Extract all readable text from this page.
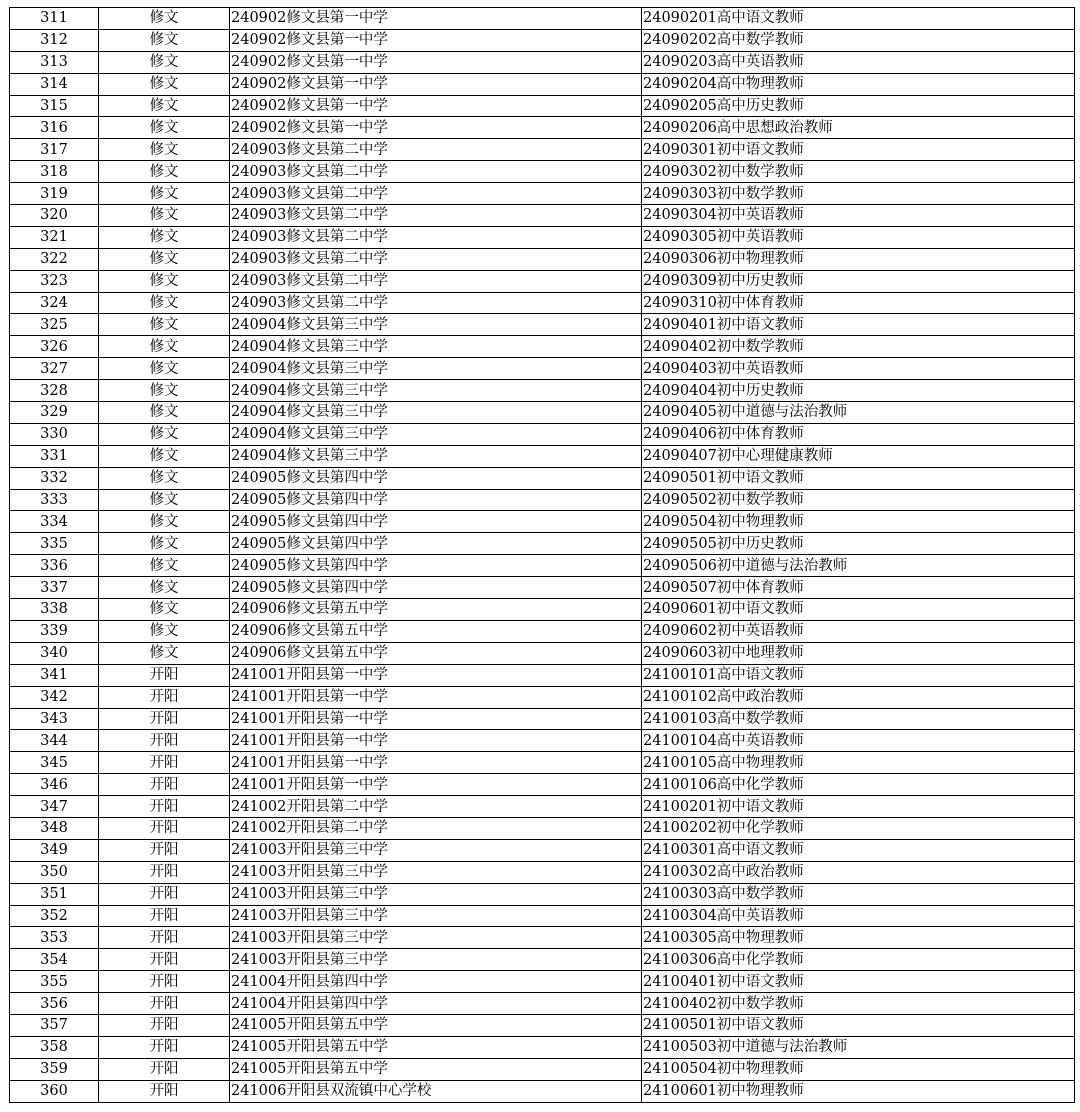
311	修文	240902修文县第一中学	24090201高中语文教师
312	修文	240902修文县第一中学	24090202高中数学教师
313	修文	240902修文县第一中学	24090203高中英语教师
314	修文	240902修文县第一中学	24090204高中物理教师
315	修文	240902修文县第一中学	24090205高中历史教师
316	修文	240902修文县第一中学	24090206高中思想政治教师
317	修文	240903修文县第二中学	24090301初中语文教师
318	修文	240903修文县第二中学	24090302初中数学教师
319	修文	240903修文县第二中学	24090303初中数学教师
320	修文	240903修文县第二中学	24090304初中英语教师
321	修文	240903修文县第二中学	24090305初中英语教师
322	修文	240903修文县第二中学	24090306初中物理教师
323	修文	240903修文县第二中学	24090309初中历史教师
324	修文	240903修文县第二中学	24090310初中体育教师
325	修文	240904修文县第三中学	24090401初中语文教师
326	修文	240904修文县第三中学	24090402初中数学教师
327	修文	240904修文县第三中学	24090403初中英语教师
328	修文	240904修文县第三中学	24090404初中历史教师
329	修文	240904修文县第三中学	24090405初中道德与法治教师
330	修文	240904修文县第三中学	24090406初中体育教师
331	修文	240904修文县第三中学	24090407初中心理健康教师
332	修文	240905修文县第四中学	24090501初中语文教师
333	修文	240905修文县第四中学	24090502初中数学教师
334	修文	240905修文县第四中学	24090504初中物理教师
335	修文	240905修文县第四中学	24090505初中历史教师
336	修文	240905修文县第四中学	24090506初中道德与法治教师
337	修文	240905修文县第四中学	24090507初中体育教师
338	修文	240906修文县第五中学	24090601初中语文教师
339	修文	240906修文县第五中学	24090602初中英语教师
340	修文	240906修文县第五中学	24090603初中地理教师
341	开阳	241001开阳县第一中学	24100101高中语文教师
342	开阳	241001开阳县第一中学	24100102高中政治教师
343	开阳	241001开阳县第一中学	24100103高中数学教师
344	开阳	241001开阳县第一中学	24100104高中英语教师
345	开阳	241001开阳县第一中学	24100105高中物理教师
346	开阳	241001开阳县第一中学	24100106高中化学教师
347	开阳	241002开阳县第二中学	24100201初中语文教师
348	开阳	241002开阳县第二中学	24100202初中化学教师
349	开阳	241003开阳县第三中学	24100301高中语文教师
350	开阳	241003开阳县第三中学	24100302高中政治教师
351	开阳	241003开阳县第三中学	24100303高中数学教师
352	开阳	241003开阳县第三中学	24100304高中英语教师
353	开阳	241003开阳县第三中学	24100305高中物理教师
354	开阳	241003开阳县第三中学	24100306高中化学教师
355	开阳	241004开阳县第四中学	24100401初中语文教师
356	开阳	241004开阳县第四中学	24100402初中数学教师
357	开阳	241005开阳县第五中学	24100501初中语文教师
358	开阳	241005开阳县第五中学	24100503初中道德与法治教师
359	开阳	241005开阳县第五中学	24100504初中物理教师
360	开阳	241006开阳县双流镇中心学校	24100601初中物理教师
